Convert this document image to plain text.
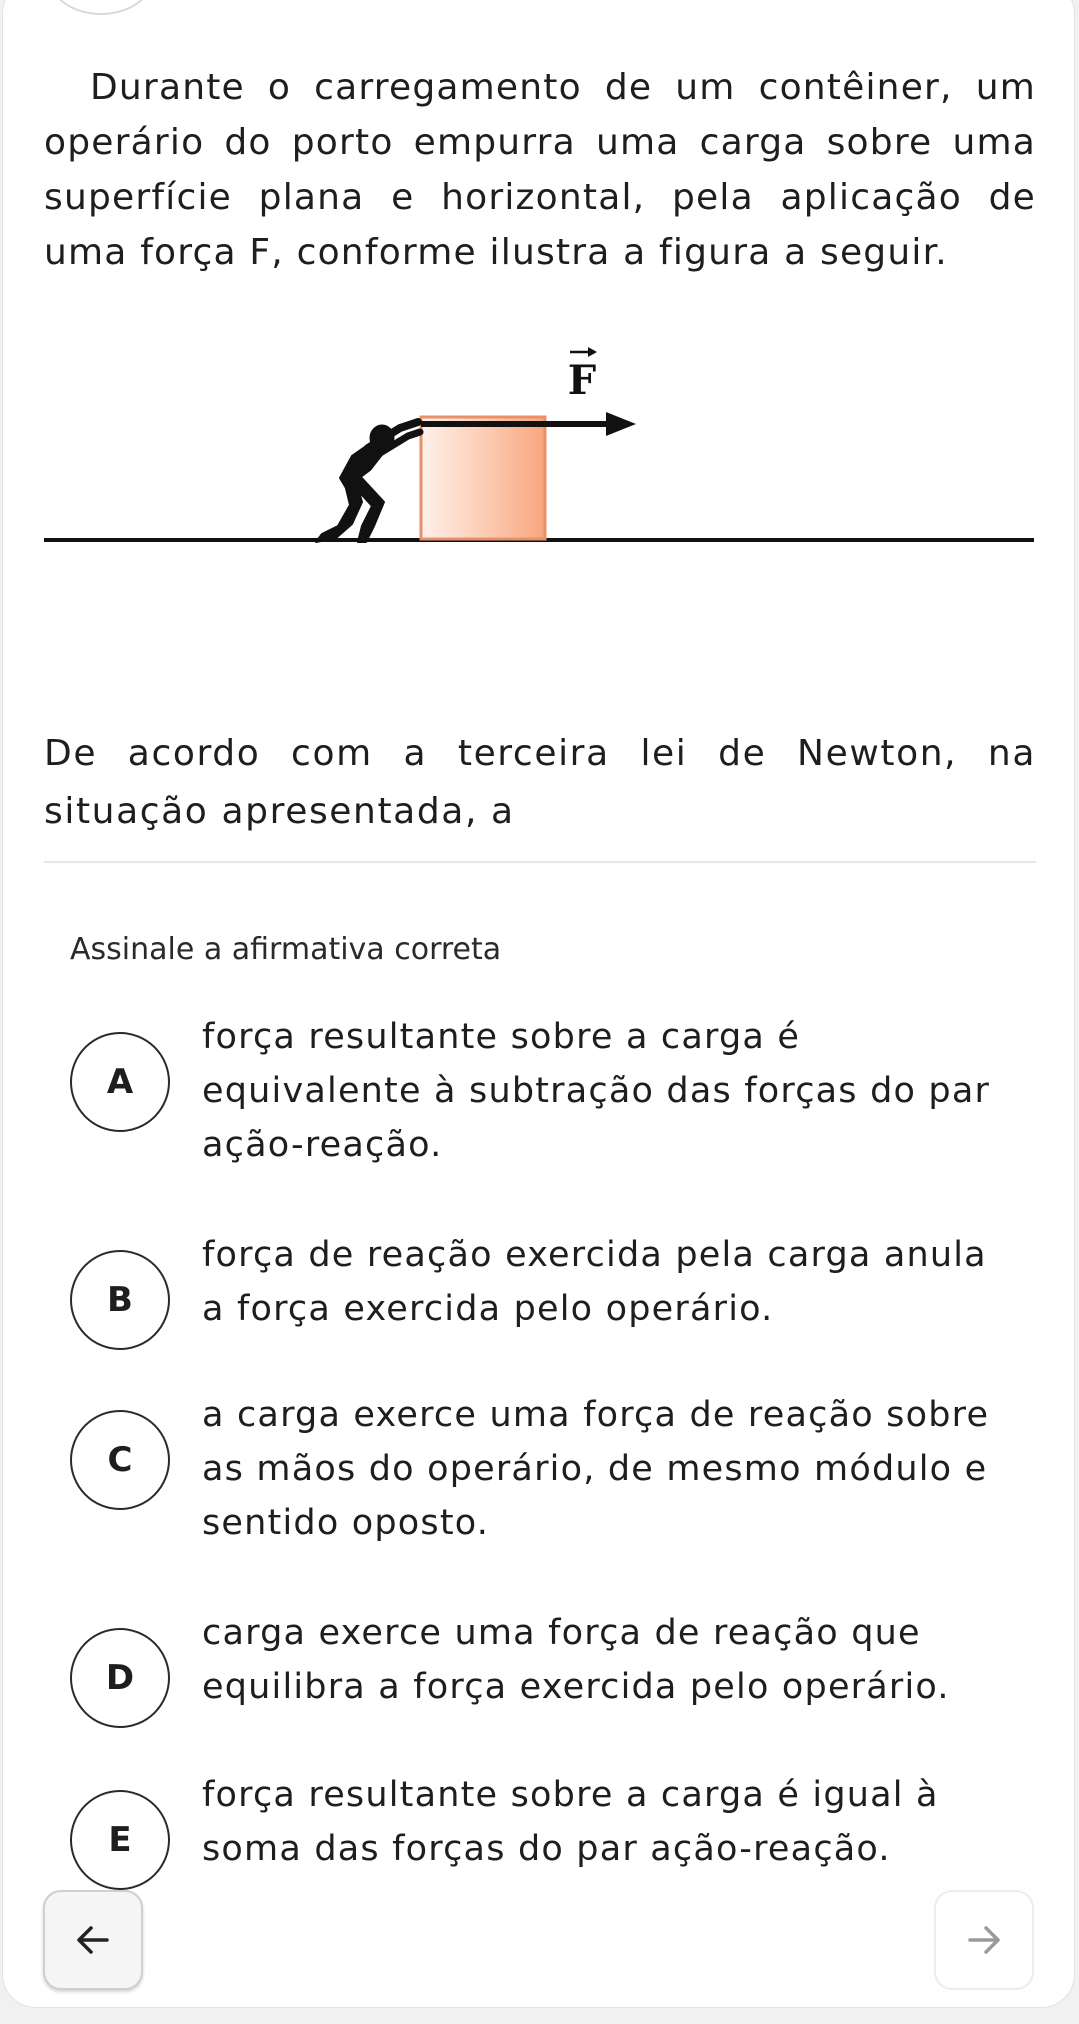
Durante o carregamento de um contêiner, um operário do porto empurra uma carga sobre uma superfície plana e horizontal, pela aplicação de uma força F, conforme ilustra a figura a seguir.

F

De acordo com a terceira lei de Newton, na situação apresentada, a

Assinale a afirmativa correta
A
força resultante sobre a carga é equivalente à subtração das forças do par ação-reação.
B
força de reação exercida pela carga anula a força exercida pelo operário.
C
a carga exerce uma força de reação sobre as mãos do operário, de mesmo módulo e sentido oposto.
D
carga exerce uma força de reação que equilibra a força exercida pelo operário.
E
força resultante sobre a carga é igual à soma das forças do par ação-reação.
